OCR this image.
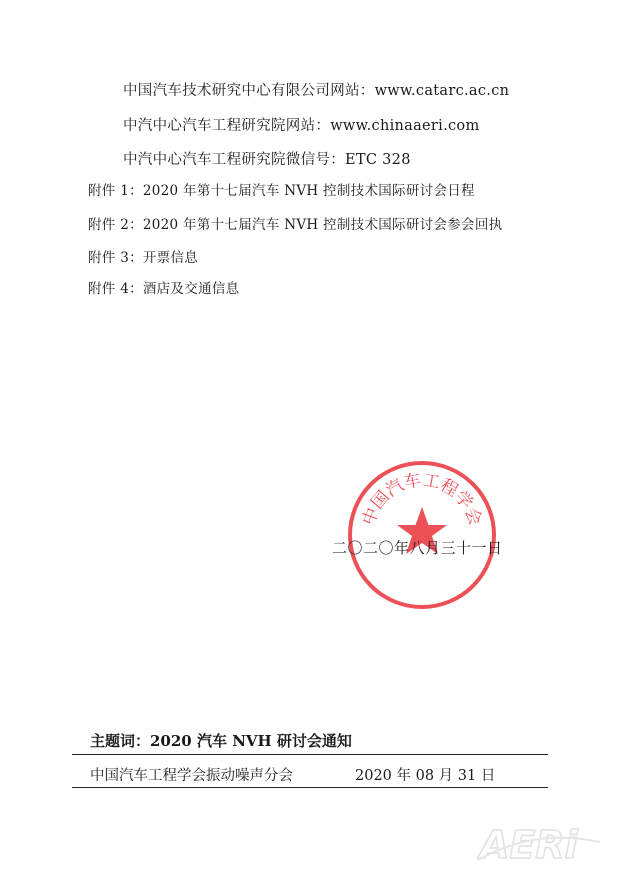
中国汽车技术研究中心有限公司网站：www.catarc.ac.cn
中汽中心汽车工程研究院网站：www.chinaaeri.com
中汽中心汽车工程研究院微信号：ETC 328
附件 1：2020 年第十七届汽车 NVH 控制技术国际研讨会日程
附件 2：2020 年第十七届汽车 NVH 控制技术国际研讨会参会回执
附件 3：开票信息
附件 4：酒店及交通信息
中
国
汽
车
工
程
学
会
二〇二〇年八月三十一日
主题词：2020 汽车 NVH 研讨会通知
中国汽车工程学会振动噪声分会	2020 年 08 月 31 日
AERi
